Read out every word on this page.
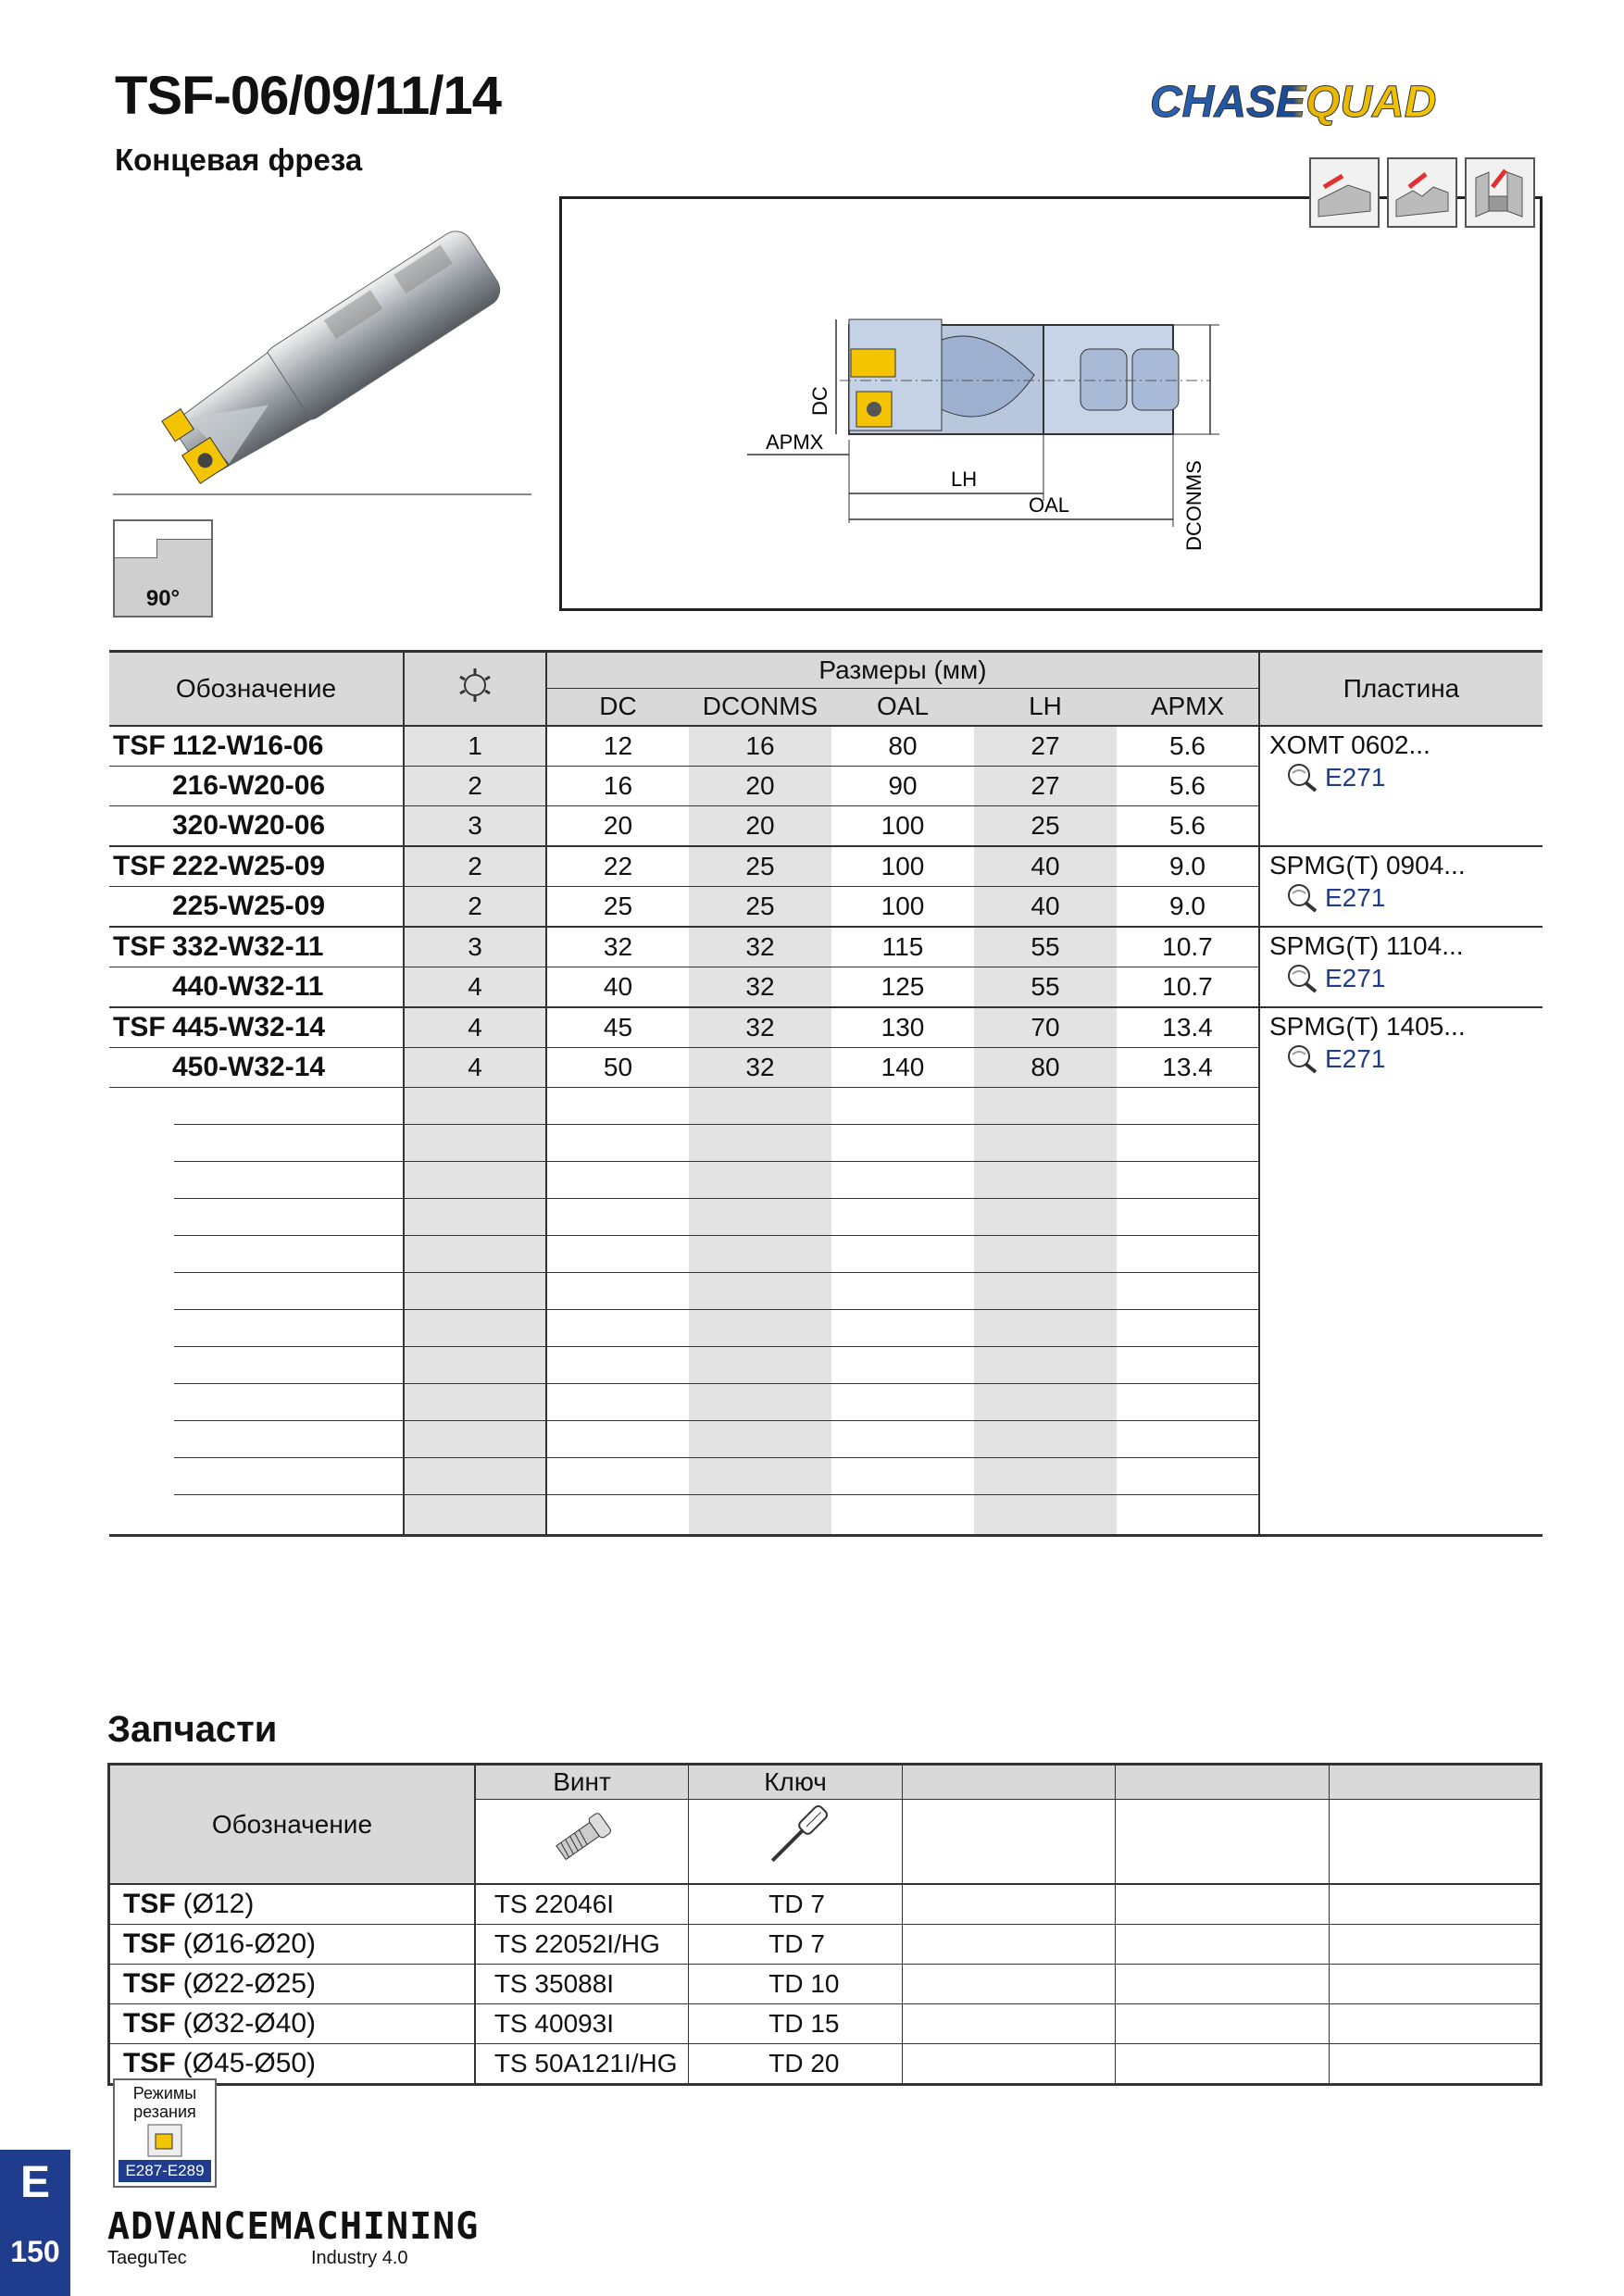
TSF-06/09/11/14
Концевая фреза
CHASEQUAD
90°
DC
APMX
LH
OAL	DCONMS
Обозначение		Размеры (мм)					Пластина
		DC	DCONMS	OAL	LH	APMX	
TSF 112-W16-06	1	12	16	80	27	5.6	XOMT 0602...
E271

216-W20-06	2	16	20	90	27	5.6	
320-W20-06	3	20	20	100	25	5.6	
TSF 222-W25-09	2	22	25	100	40	9.0	SPMG(T) 0904...
E271

225-W25-09	2	25	25	100	40	9.0	
TSF 332-W32-11	3	32	32	115	55	10.7	SPMG(T) 1104...
E271

440-W32-11	4	40	32	125	55	10.7	
TSF 445-W32-14	4	45	32	130	70	13.4	SPMG(T) 1405...
E271

450-W32-14	4	50	32	140	80	13.4	

Запчасти
Обозначение	Винт	Ключ			

TSF (Ø12)	TS 22046I	TD 7			
TSF (Ø16-Ø20)	TS 22052I/HG	TD 7			
TSF (Ø22-Ø25)	TS 35088I	TD 10			
TSF (Ø32-Ø40)	TS 40093I	TD 15			
TSF (Ø45-Ø50)	TS 50A121I/HG	TD 20			
Режимы резания
E287-E289
E
150
ADVANCEMACHINING
TaeguTec	Industry 4.0
